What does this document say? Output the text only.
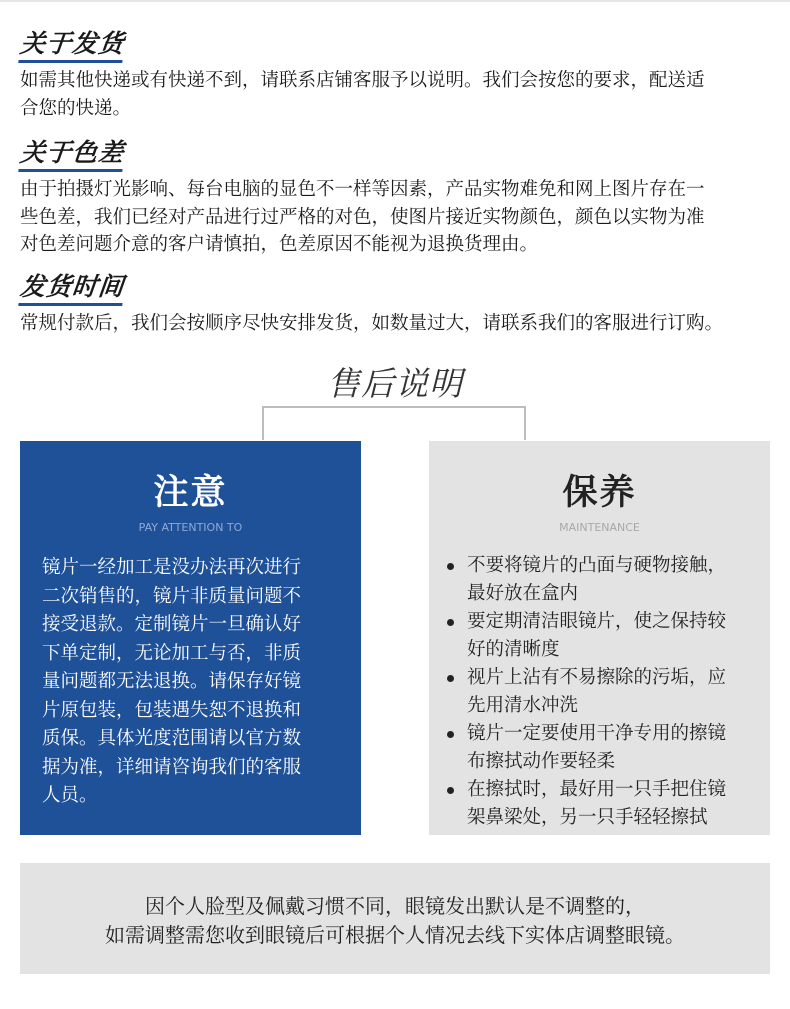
关于发货
如需其他快递或有快递不到，请联系店铺客服予以说明。我们会按您的要求，配送适
合您的快递。
关于色差
由于拍摄灯光影响、每台电脑的显色不一样等因素，产品实物难免和网上图片存在一
些色差，我们已经对产品进行过严格的对色，使图片接近实物颜色，颜色以实物为准
对色差问题介意的客户请慎拍，色差原因不能视为退换货理由。
发货时间
常规付款后，我们会按顺序尽快安排发货，如数量过大，请联系我们的客服进行订购。
售后说明
注意
PAY ATTENTION TO
镜片一经加工是没办法再次进行
二次销售的，镜片非质量问题不
接受退款。定制镜片一旦确认好
下单定制，无论加工与否，非质
量问题都无法退换。请保存好镜
片原包装，包装遇失恕不退换和
质保。具体光度范围请以官方数
据为准，详细请咨询我们的客服
人员。
保养
MAINTENANCE
不要将镜片的凸面与硬物接触，
最好放在盒内
要定期清洁眼镜片，使之保持较
好的清晰度
视片上沾有不易擦除的污垢，应
先用清水冲洗
镜片一定要使用干净专用的擦镜
布擦拭动作要轻柔
在擦拭时，最好用一只手把住镜
架鼻梁处，另一只手轻轻擦拭
因个人脸型及佩戴习惯不同，眼镜发出默认是不调整的，
如需调整需您收到眼镜后可根据个人情况去线下实体店调整眼镜。
